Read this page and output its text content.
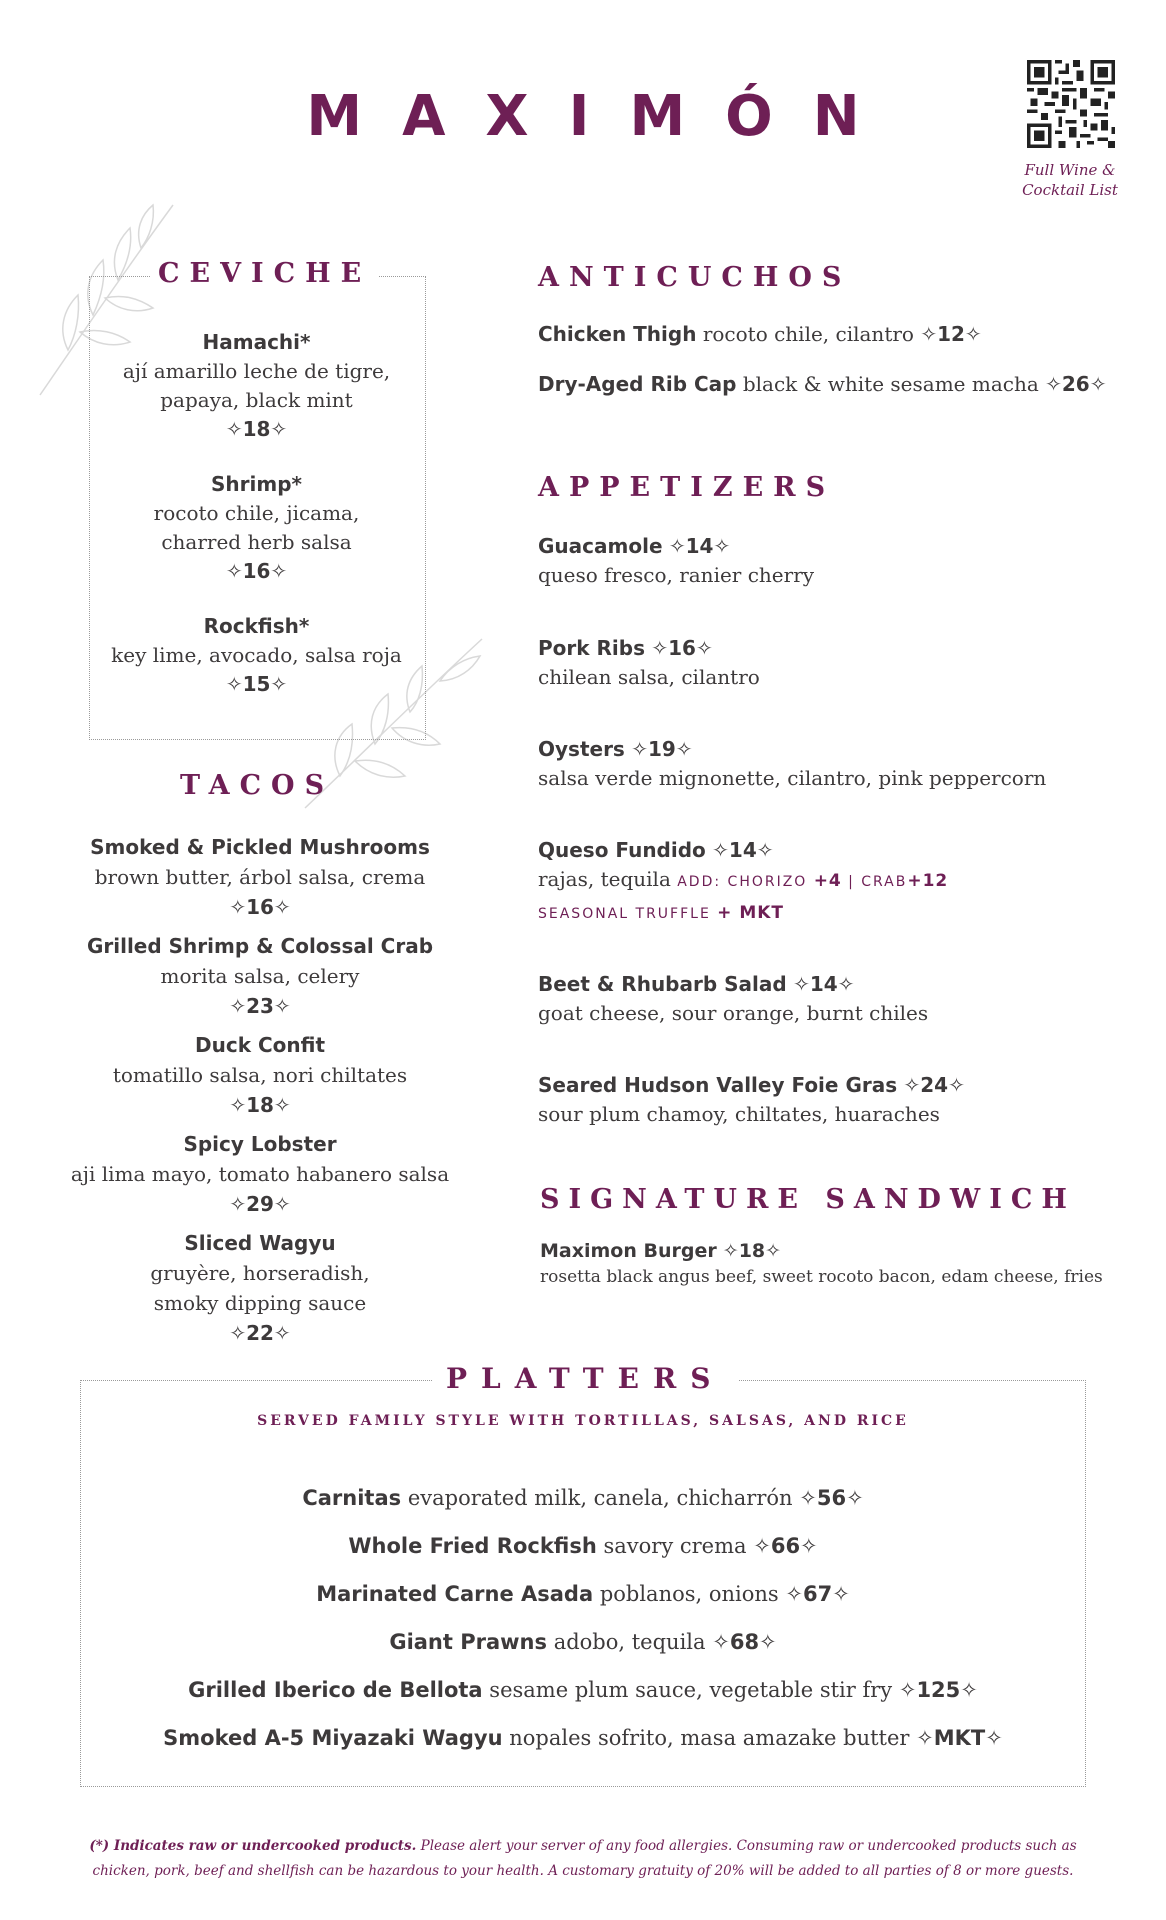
MAXIMÓN
Full Wine &
Cocktail List
CEVICHE
Hamachi*
ají amarillo leche de tigre,
papaya, black mint
✧18✧
Shrimp*
rocoto chile, jicama,
charred herb salsa
✧16✧
Rockfish*
key lime, avocado, salsa roja
✧15✧
TACOS
Smoked & Pickled Mushrooms
brown butter, árbol salsa, crema
✧16✧
Grilled Shrimp & Colossal Crab
morita salsa, celery
✧23✧
Duck Confit
tomatillo salsa, nori chiltates
✧18✧
Spicy Lobster
aji lima mayo, tomato habanero salsa
✧29✧
Sliced Wagyu
gruyère, horseradish,
smoky dipping sauce
✧22✧
ANTICUCHOS
Chicken Thigh rocoto chile, cilantro ✧12✧
Dry-Aged Rib Cap black & white sesame macha ✧26✧
APPETIZERS
Guacamole ✧14✧
queso fresco, ranier cherry
Pork Ribs ✧16✧
chilean salsa, cilantro
Oysters ✧19✧
salsa verde mignonette, cilantro, pink peppercorn
Queso Fundido ✧14✧
rajas, tequila ADD: CHORIZO +4 | CRAB+12
SEASONAL TRUFFLE + MKT
Beet & Rhubarb Salad ✧14✧
goat cheese, sour orange, burnt chiles
Seared Hudson Valley Foie Gras ✧24✧
sour plum chamoy, chiltates, huaraches
SIGNATURE SANDWICH
Maximon Burger ✧18✧
rosetta black angus beef, sweet rocoto bacon, edam cheese, fries
PLATTERS
SERVED FAMILY STYLE WITH TORTILLAS, SALSAS, AND RICE
Carnitas evaporated milk, canela, chicharrón ✧56✧
Whole Fried Rockfish savory crema ✧66✧
Marinated Carne Asada poblanos, onions ✧67✧
Giant Prawns adobo, tequila ✧68✧
Grilled Iberico de Bellota sesame plum sauce, vegetable stir fry ✧125✧
Smoked A-5 Miyazaki Wagyu nopales sofrito, masa amazake butter ✧MKT✧
(*) Indicates raw or undercooked products. Please alert your server of any food allergies. Consuming raw or undercooked products such as chicken, pork, beef and shellfish can be hazardous to your health. A customary gratuity of 20% will be added to all parties of 8 or more guests.
